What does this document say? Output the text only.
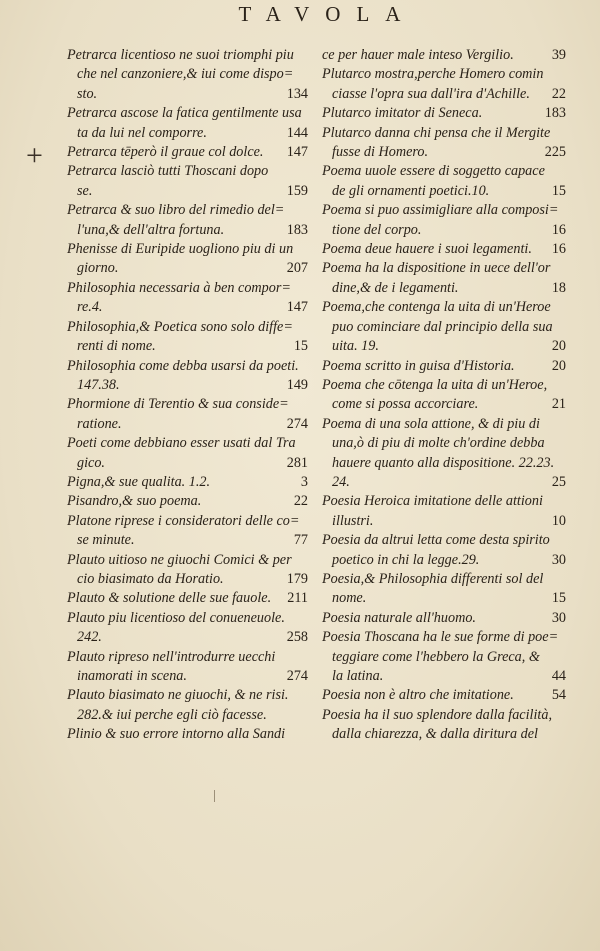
TAVOLA
+
Petrarca licentioso ne suoi triomphi piu
che nel canzoniere,& iui come dispo=
sto.	134
Petrarca ascose la fatica gentilmente usa
ta da lui nel comporre.	144
Petrarca tēperò il graue col dolce.	147
Petrarca lasciò tutti Thoscani dopo
se.	159
Petrarca & suo libro del rimedio del=
l'una,& dell'altra fortuna.	183
Phenisse di Euripide uogliono piu di un
giorno.	207
Philosophia necessaria à ben compor=
re.4.	147
Philosophia,& Poetica sono solo diffe=
renti di nome.	15
Philosophia come debba usarsi da poeti.
147.38.	149
Phormione di Terentio & sua conside=
ratione.	274
Poeti come debbiano esser usati dal Tra
gico.	281
Pigna,& sue qualita. 1.2.	3
Pisandro,& suo poema.	22
Platone riprese i consideratori delle co=
se minute.	77
Plauto uitioso ne giuochi Comici & per
cio biasimato da Horatio.	179
Plauto & solutione delle sue fauole.	211
Plauto piu licentioso del conueneuole.
242.	258
Plauto ripreso nell'introdurre uecchi
inamorati in scena.	274
Plauto biasimato ne giuochi, & ne risi.
282.& iui perche egli ciò facesse.
Plinio & suo errore intorno alla Sandi
ce per hauer male inteso Vergilio.	39
Plutarco mostra,perche Homero comin
ciasse l'opra sua dall'ira d'Achille.	22
Plutarco imitator di Seneca.	183
Plutarco danna chi pensa che il Mergite
fusse di Homero.	225
Poema uuole essere di soggetto capace
de gli ornamenti poetici.10.	15
Poema si puo assimigliare alla composi=
tione del corpo.	16
Poema deue hauere i suoi legamenti.	16
Poema ha la dispositione in uece dell'or
dine,& de i legamenti.	18
Poema,che contenga la uita di un'Heroe
puo cominciare dal principio della sua
uita. 19.	20
Poema scritto in guisa d'Historia.	20
Poema che cōtenga la uita di un'Heroe,
come si possa accorciare.	21
Poema di una sola attione, & di piu di
una,ò di piu di molte ch'ordine debba
hauere quanto alla dispositione. 22.23.
24.	25
Poesia Heroica imitatione delle attioni
illustri.	10
Poesia da altrui letta come desta spirito
poetico in chi la legge.29.	30
Poesia,& Philosophia differenti sol del
nome.	15
Poesia naturale all'huomo.	30
Poesia Thoscana ha le sue forme di poe=
teggiare come l'hebbero la Greca, &
la latina.	44
Poesia non è altro che imitatione.	54
Poesia ha il suo splendore dalla facilità,
dalla chiarezza, & dalla diritura del
